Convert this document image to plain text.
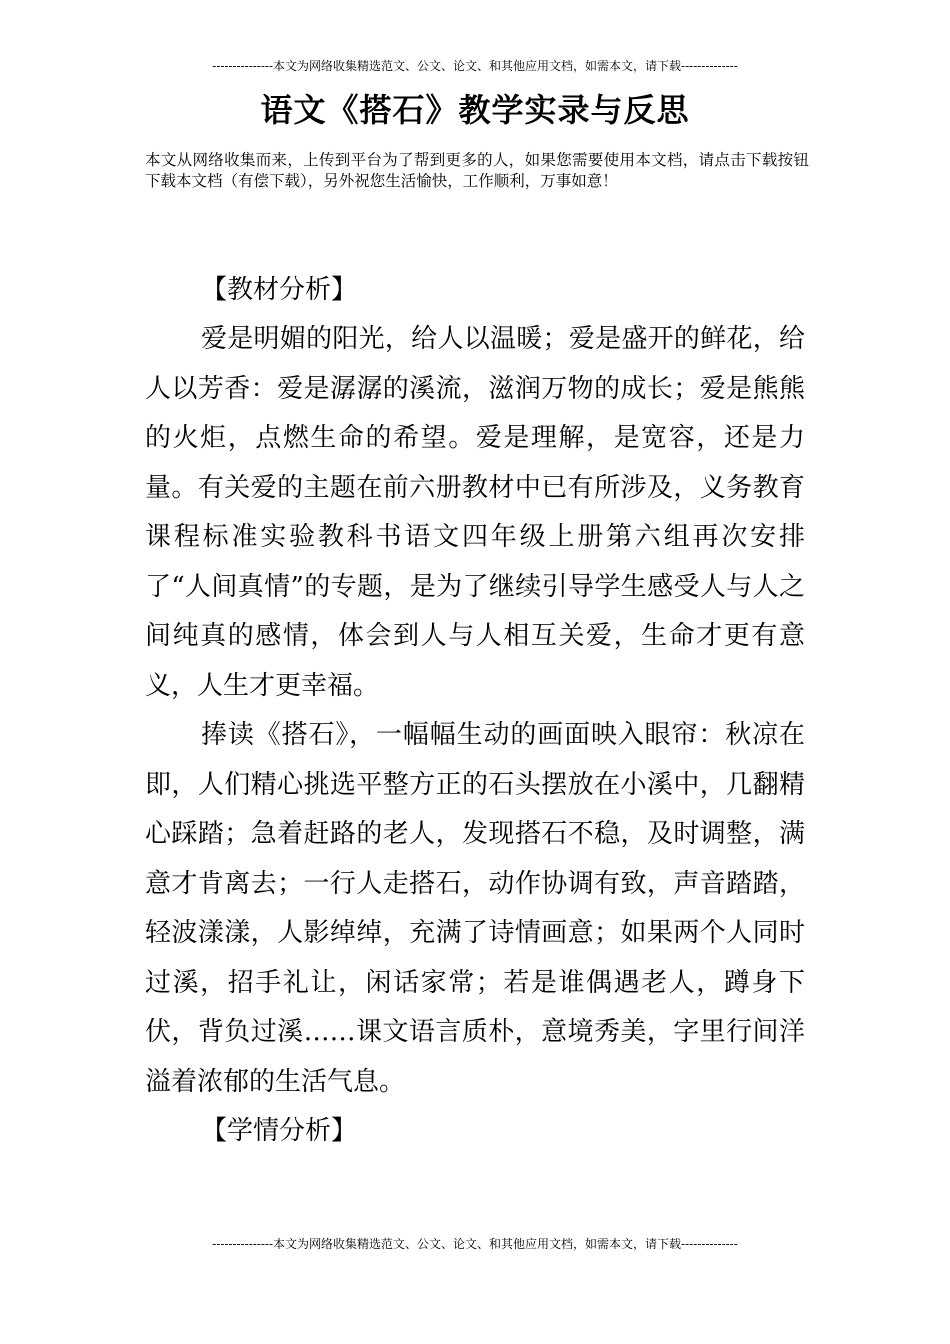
---------------本文为网络收集精选范文、公文、论文、和其他应用文档，如需本文，请下载--------------
语文《搭石》教学实录与反思
本文从网络收集而来，上传到平台为了帮到更多的人，如果您需要使用本文档，请点击下载按钮下载本文档（有偿下载），另外祝您生活愉快，工作顺利，万事如意！

【教材分析】

爱是明媚的阳光，给人以温暖；爱是盛开的鲜花，给人以芳香：爱是潺潺的溪流，滋润万物的成长；爱是熊熊的火炬，点燃生命的希望。爱是理解，是宽容，还是力量。有关爱的主题在前六册教材中已有所涉及，义务教育课程标准实验教科书语文四年级上册第六组再次安排了“人间真情”的专题，是为了继续引导学生感受人与人之间纯真的感情，体会到人与人相互关爱，生命才更有意义，人生才更幸福。

捧读《搭石》，一幅幅生动的画面映入眼帘：秋凉在即，人们精心挑选平整方正的石头摆放在小溪中，几翻精心踩踏；急着赶路的老人，发现搭石不稳，及时调整，满意才肯离去；一行人走搭石，动作协调有致，声音踏踏，轻波漾漾，人影绰绰，充满了诗情画意；如果两个人同时过溪，招手礼让，闲话家常；若是谁偶遇老人，蹲身下伏，背负过溪……课文语言质朴，意境秀美，字里行间洋溢着浓郁的生活气息。

【学情分析】

---------------本文为网络收集精选范文、公文、论文、和其他应用文档，如需本文，请下载--------------
